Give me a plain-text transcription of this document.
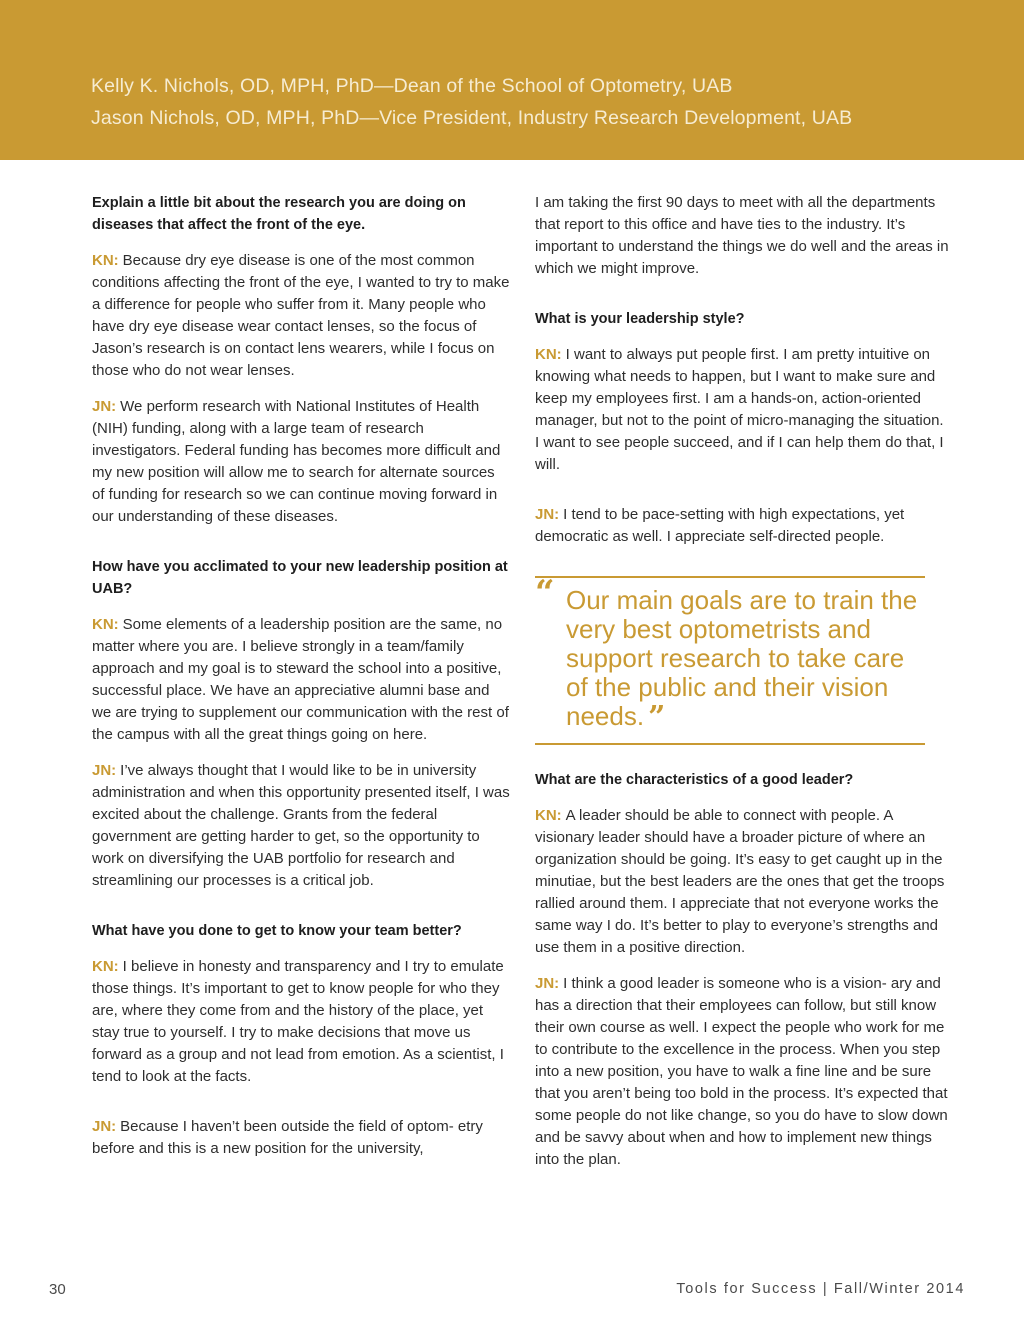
Kelly K. Nichols, OD, MPH, PhD—Dean of the School of Optometry, UAB
Jason Nichols, OD, MPH, PhD—Vice President, Industry Research Development, UAB
Explain a little bit about the research you are doing on diseases that affect the front of the eye.
KN: Because dry eye disease is one of the most common conditions affecting the front of the eye, I wanted to try to make a difference for people who suffer from it. Many people who have dry eye disease wear contact lenses, so the focus of Jason’s research is on contact lens wearers, while I focus on those who do not wear lenses.
JN: We perform research with National Institutes of Health (NIH) funding, along with a large team of research investigators. Federal funding has becomes more difficult and my new position will allow me to search for alternate sources of funding for research so we can continue moving forward in our understanding of these diseases.
How have you acclimated to your new leadership position at UAB?
KN: Some elements of a leadership position are the same, no matter where you are. I believe strongly in a team/family approach and my goal is to steward the school into a positive, successful place. We have an appreciative alumni base and we are trying to supplement our communication with the rest of the campus with all the great things going on here.
JN: I’ve always thought that I would like to be in university administration and when this opportunity presented itself, I was excited about the challenge. Grants from the federal government are getting harder to get, so the opportunity to work on diversifying the UAB portfolio for research and streamlining our processes is a critical job.
What have you done to get to know your team better?
KN: I believe in honesty and transparency and I try to emulate those things. It’s important to get to know people for who they are, where they come from and the history of the place, yet stay true to yourself. I try to make decisions that move us forward as a group and not lead from emotion. As a scientist, I tend to look at the facts.
JN: Because I haven’t been outside the field of optom- etry before and this is a new position for the university,
I am taking the first 90 days to meet with all the departments that report to this office and have ties to the industry. It’s important to understand the things we do well and the areas in which we might improve.
What is your leadership style?
KN: I want to always put people first. I am pretty intuitive on knowing what needs to happen, but I want to make sure and keep my employees first. I am a hands-on, action-oriented manager, but not to the point of micro-managing the situation. I want to see people succeed, and if I can help them do that, I will.
JN: I tend to be pace-setting with high expectations, yet democratic as well. I appreciate self-directed people.
“ Our main goals are to train the very best optometrists and support research to take care of the public and their vision needs. ”
What are the characteristics of a good leader?
KN: A leader should be able to connect with people. A visionary leader should have a broader picture of where an organization should be going. It’s easy to get caught up in the minutiae, but the best leaders are the ones that get the troops rallied around them. I appreciate that not everyone works the same way I do. It’s better to play to everyone’s strengths and use them in a positive direction.
JN: I think a good leader is someone who is a vision- ary and has a direction that their employees can follow, but still know their own course as well. I expect the people who work for me to contribute to the excellence in the process. When you step into a new position, you have to walk a fine line and be sure that you aren’t being too bold in the process. It’s expected that some people do not like change, so you do have to slow down and be savvy about when and how to implement new things into the plan.
30	Tools for Success | Fall/Winter 2014
